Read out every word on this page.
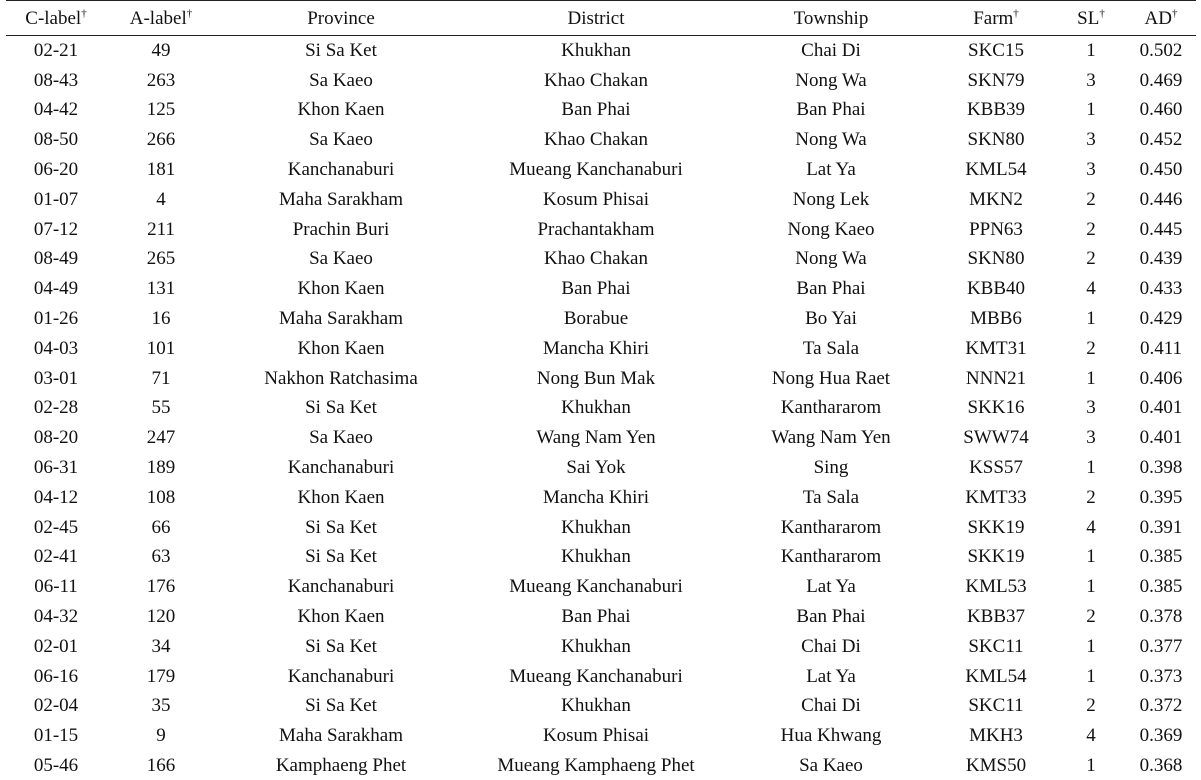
C-label†	A-label†	Province	District	Township	Farm†	SL†	AD†
02-21	49	Si Sa Ket	Khukhan	Chai Di	SKC15	1	0.502
08-43	263	Sa Kaeo	Khao Chakan	Nong Wa	SKN79	3	0.469
04-42	125	Khon Kaen	Ban Phai	Ban Phai	KBB39	1	0.460
08-50	266	Sa Kaeo	Khao Chakan	Nong Wa	SKN80	3	0.452
06-20	181	Kanchanaburi	Mueang Kanchanaburi	Lat Ya	KML54	3	0.450
01-07	4	Maha Sarakham	Kosum Phisai	Nong Lek	MKN2	2	0.446
07-12	211	Prachin Buri	Prachantakham	Nong Kaeo	PPN63	2	0.445
08-49	265	Sa Kaeo	Khao Chakan	Nong Wa	SKN80	2	0.439
04-49	131	Khon Kaen	Ban Phai	Ban Phai	KBB40	4	0.433
01-26	16	Maha Sarakham	Borabue	Bo Yai	MBB6	1	0.429
04-03	101	Khon Kaen	Mancha Khiri	Ta Sala	KMT31	2	0.411
03-01	71	Nakhon Ratchasima	Nong Bun Mak	Nong Hua Raet	NNN21	1	0.406
02-28	55	Si Sa Ket	Khukhan	Kanthararom	SKK16	3	0.401
08-20	247	Sa Kaeo	Wang Nam Yen	Wang Nam Yen	SWW74	3	0.401
06-31	189	Kanchanaburi	Sai Yok	Sing	KSS57	1	0.398
04-12	108	Khon Kaen	Mancha Khiri	Ta Sala	KMT33	2	0.395
02-45	66	Si Sa Ket	Khukhan	Kanthararom	SKK19	4	0.391
02-41	63	Si Sa Ket	Khukhan	Kanthararom	SKK19	1	0.385
06-11	176	Kanchanaburi	Mueang Kanchanaburi	Lat Ya	KML53	1	0.385
04-32	120	Khon Kaen	Ban Phai	Ban Phai	KBB37	2	0.378
02-01	34	Si Sa Ket	Khukhan	Chai Di	SKC11	1	0.377
06-16	179	Kanchanaburi	Mueang Kanchanaburi	Lat Ya	KML54	1	0.373
02-04	35	Si Sa Ket	Khukhan	Chai Di	SKC11	2	0.372
01-15	9	Maha Sarakham	Kosum Phisai	Hua Khwang	MKH3	4	0.369
05-46	166	Kamphaeng Phet	Mueang Kamphaeng Phet	Sa Kaeo	KMS50	1	0.368
